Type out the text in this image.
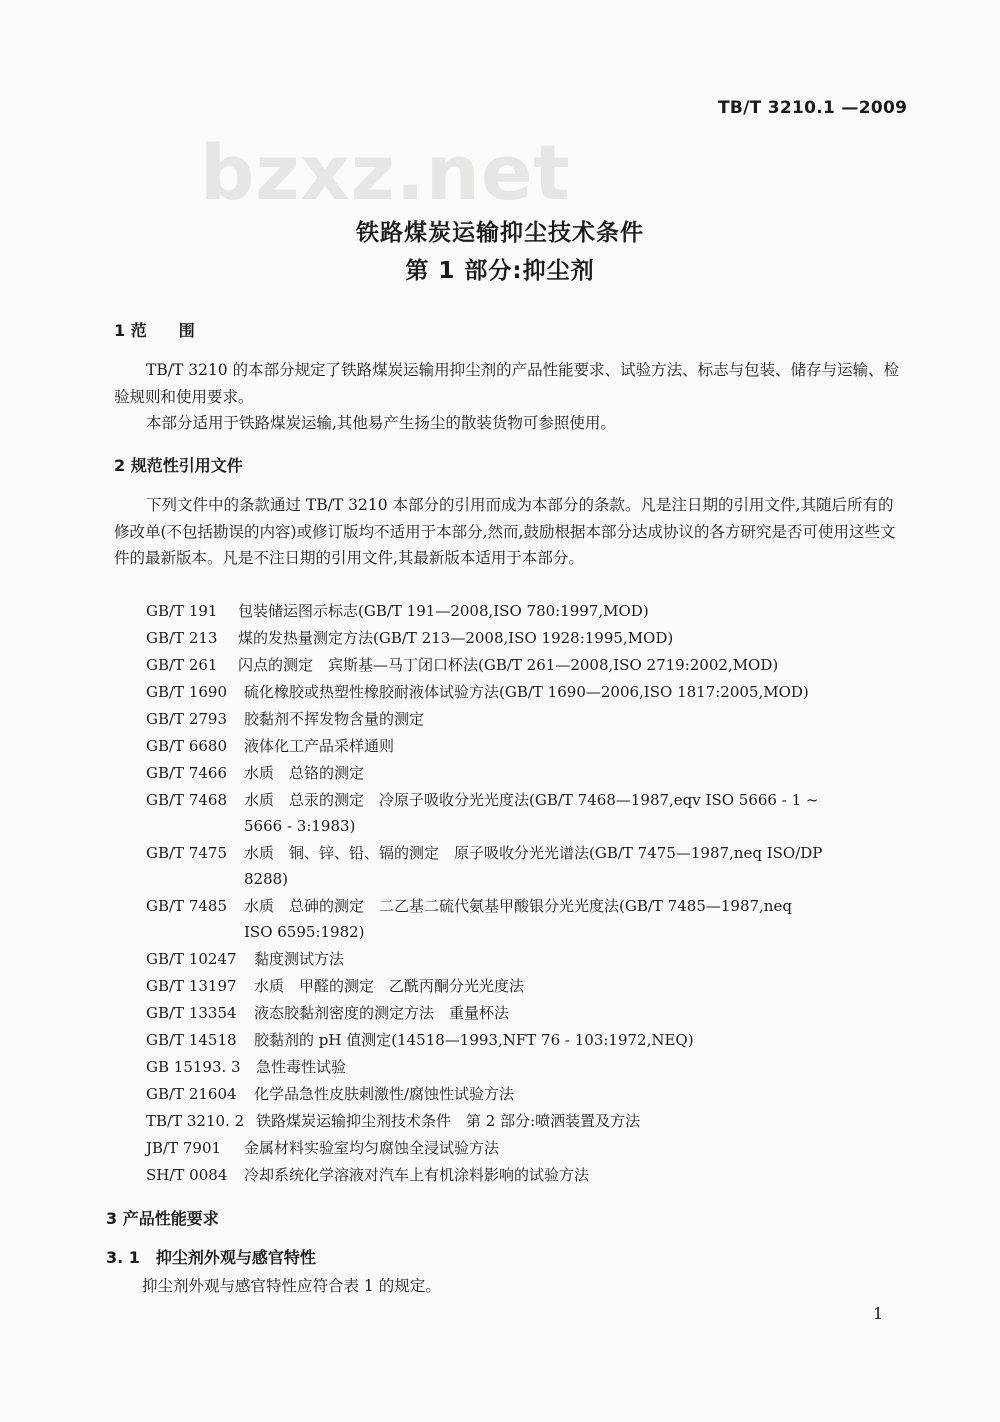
TB/T 3210.1 —2009
bzxz.net
铁路煤炭运输抑尘技术条件
第 1 部分:抑尘剂
1 范　　围

TB/T 3210 的本部分规定了铁路煤炭运输用抑尘剂的产品性能要求、试验方法、标志与包装、储存与运输、检验规则和使用要求。

本部分适用于铁路煤炭运输,其他易产生扬尘的散装货物可参照使用。

2 规范性引用文件

下列文件中的条款通过 TB/T 3210 本部分的引用而成为本部分的条款。凡是注日期的引用文件,其随后所有的修改单(不包括勘误的内容)或修订版均不适用于本部分,然而,鼓励根据本部分达成协议的各方研究是否可使用这些文件的最新版本。凡是不注日期的引用文件,其最新版本适用于本部分。

GB/T 191 包装储运图示标志(GB/T 191—2008,ISO 780:1997,MOD)
GB/T 213 煤的发热量测定方法(GB/T 213—2008,ISO 1928:1995,MOD)
GB/T 261 闪点的测定　宾斯基—马丁闭口杯法(GB/T 261—2008,ISO 2719:2002,MOD)
GB/T 1690 硫化橡胶或热塑性橡胶耐液体试验方法(GB/T 1690—2006,ISO 1817:2005,MOD)
GB/T 2793 胶黏剂不挥发物含量的测定
GB/T 6680 液体化工产品采样通则
GB/T 7466 水质　总铬的测定
GB/T 7468 水质　总汞的测定　冷原子吸收分光光度法(GB/T 7468—1987,eqv ISO 5666 - 1 ~
5666 - 3:1983)
GB/T 7475 水质　铜、锌、铅、镉的测定　原子吸收分光光谱法(GB/T 7475—1987,neq ISO/DP
8288)
GB/T 7485 水质　总砷的测定　二乙基二硫代氨基甲酸银分光光度法(GB/T 7485—1987,neq
ISO 6595:1982)
GB/T 10247 黏度测试方法
GB/T 13197 水质　甲醛的测定　乙酰丙酮分光光度法
GB/T 13354 液态胶黏剂密度的测定方法　重量杯法
GB/T 14518 胶黏剂的 pH 值测定(14518—1993,NFT 76 - 103:1972,NEQ)
GB 15193. 3 急性毒性试验
GB/T 21604 化学品急性皮肤刺激性/腐蚀性试验方法
TB/T 3210. 2 铁路煤炭运输抑尘剂技术条件　第 2 部分:喷洒装置及方法
JB/T 7901 金属材料实验室均匀腐蚀全浸试验方法
SH/T 0084 冷却系统化学溶液对汽车上有机涂料影响的试验方法
3 产品性能要求
3. 1　抑尘剂外观与感官特性
抑尘剂外观与感官特性应符合表 1 的规定。
1
